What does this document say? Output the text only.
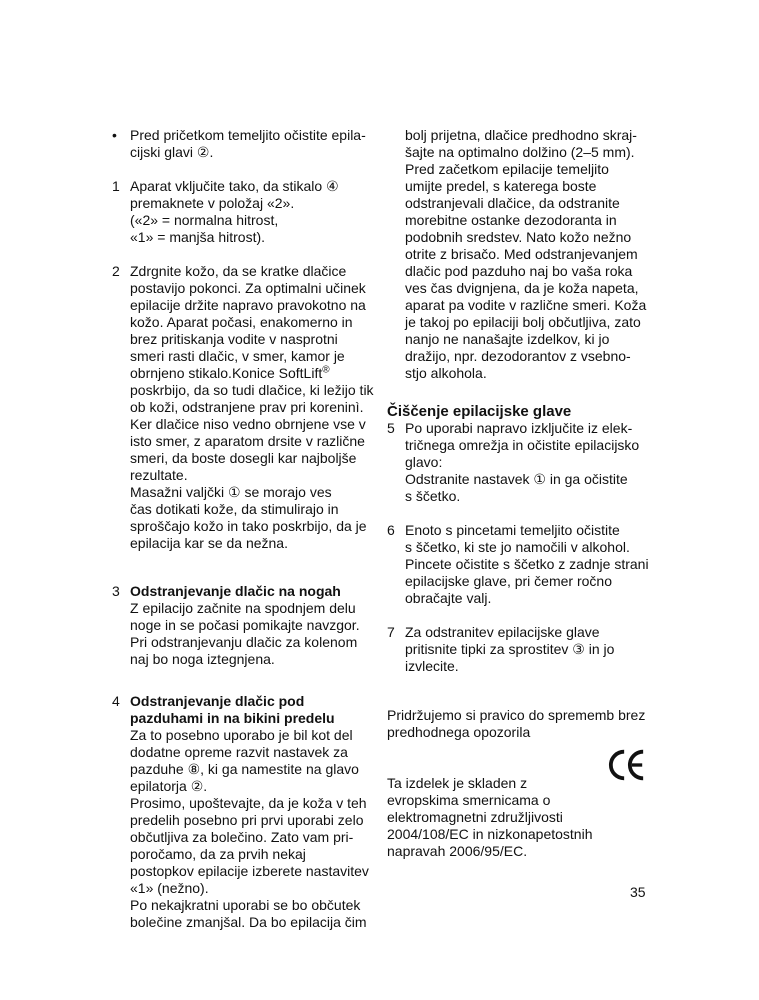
• Pred pričetkom temeljito očistite epila-

cijski glavi ②.

1 Aparat vključite tako, da stikalo ④

premaknete v položaj «2».

(«2» = normalna hitrost,

«1» = manjša hitrost).

2 Zdrgnite kožo, da se kratke dlačice

postavijo pokonci. Za optimalni učinek

epilacije držite napravo pravokotno na

kožo. Aparat počasi, enakomerno in

brez pritiskanja vodite v nasprotni

smeri rasti dlačic, v smer, kamor je

obrnjeno stikalo.Konice SoftLift®

poskrbijo, da so tudi dlačice, ki ležijo tik

ob koži, odstranjene prav pri koreninì.

Ker dlačice niso vedno obrnjene vse v

isto smer, z aparatom drsite v različne

smeri, da boste dosegli kar najboljše

rezultate.

Masažni valjčki ① se morajo ves

čas dotikati kože, da stimulirajo in

sproščajo kožo in tako poskrbijo, da je

epilacija kar se da nežna.

3 Odstranjevanje dlačic na nogah

Z epilacijo začnite na spodnjem delu

noge in se počasi pomikajte navzgor.

Pri odstranjevanju dlačic za kolenom

naj bo noga iztegnjena.

4 Odstranjevanje dlačic pod

pazduhami in na bikini predelu

Za to posebno uporabo je bil kot del

dodatne opreme razvit nastavek za

pazduhe ⑧, ki ga namestite na glavo

epilatorja ②.

Prosimo, upoštevajte, da je koža v teh

predelih posebno pri prvi uporabi zelo

občutljiva za bolečino. Zato vam pri-

poročamo, da za prvih nekaj

postopkov epilacije izberete nastavitev

«1» (nežno).

Po nekajkratni uporabi se bo občutek

bolečine zmanjšal. Da bo epilacija čim

bolj prijetna, dlačice predhodno skraj-

šajte na optimalno dolžino (2–5 mm).

Pred začetkom epilacije temeljito

umijte predel, s katerega boste

odstranjevali dlačice, da odstranite

morebitne ostanke dezodoranta in

podobnih sredstev. Nato kožo nežno

otrite z brisačo. Med odstranjevanjem

dlačic pod pazduho naj bo vaša roka

ves čas dvignjena, da je koža napeta,

aparat pa vodite v različne smeri. Koža

je takoj po epilaciji bolj občutljiva, zato

nanjo ne nanašajte izdelkov, ki jo

dražijo, npr. dezodorantov z vsebno-

stjo alkohola.

Čiščenje epilacijske glave

5 Po uporabi napravo izključite iz elek-

tričnega omrežja in očistite epilacijsko

glavo:

Odstranite nastavek ① in ga očistite

s ščetko.

6 Enoto s pincetami temeljito očistite

s ščetko, ki ste jo namočili v alkohol.

Pincete očistite s ščetko z zadnje strani

epilacijske glave, pri čemer ročno

obračajte valj.

7 Za odstranitev epilacijske glave

pritisnite tipki za sprostitev ③ in jo

izvlecite.

Pridržujemo si pravico do sprememb brez

predhodnega opozorila

Ta izdelek je skladen z

evropskima smernicama o

elektromagnetni združljivosti

2004/108/EC in nizkonapetostnih

napravah 2006/95/EC.

35
